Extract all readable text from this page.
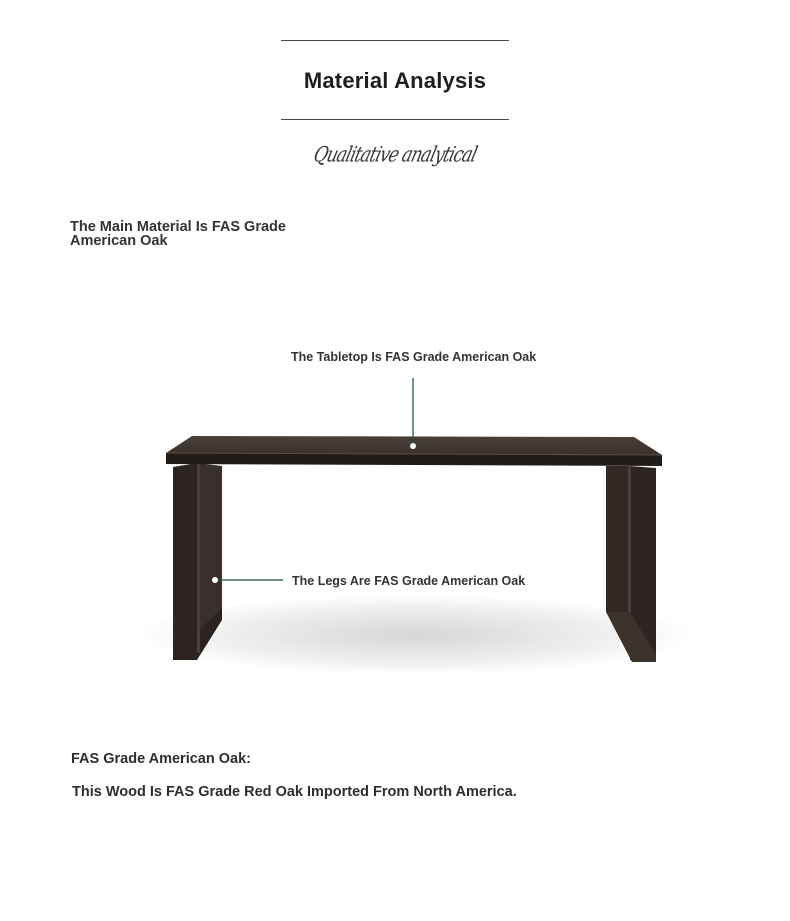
Material Analysis
Qualitative analytical
The Main Material Is FAS Grade American Oak
The Tabletop Is FAS Grade American Oak
The Legs Are FAS Grade American Oak
FAS Grade American Oak:
This Wood Is FAS Grade Red Oak Imported From North America.
